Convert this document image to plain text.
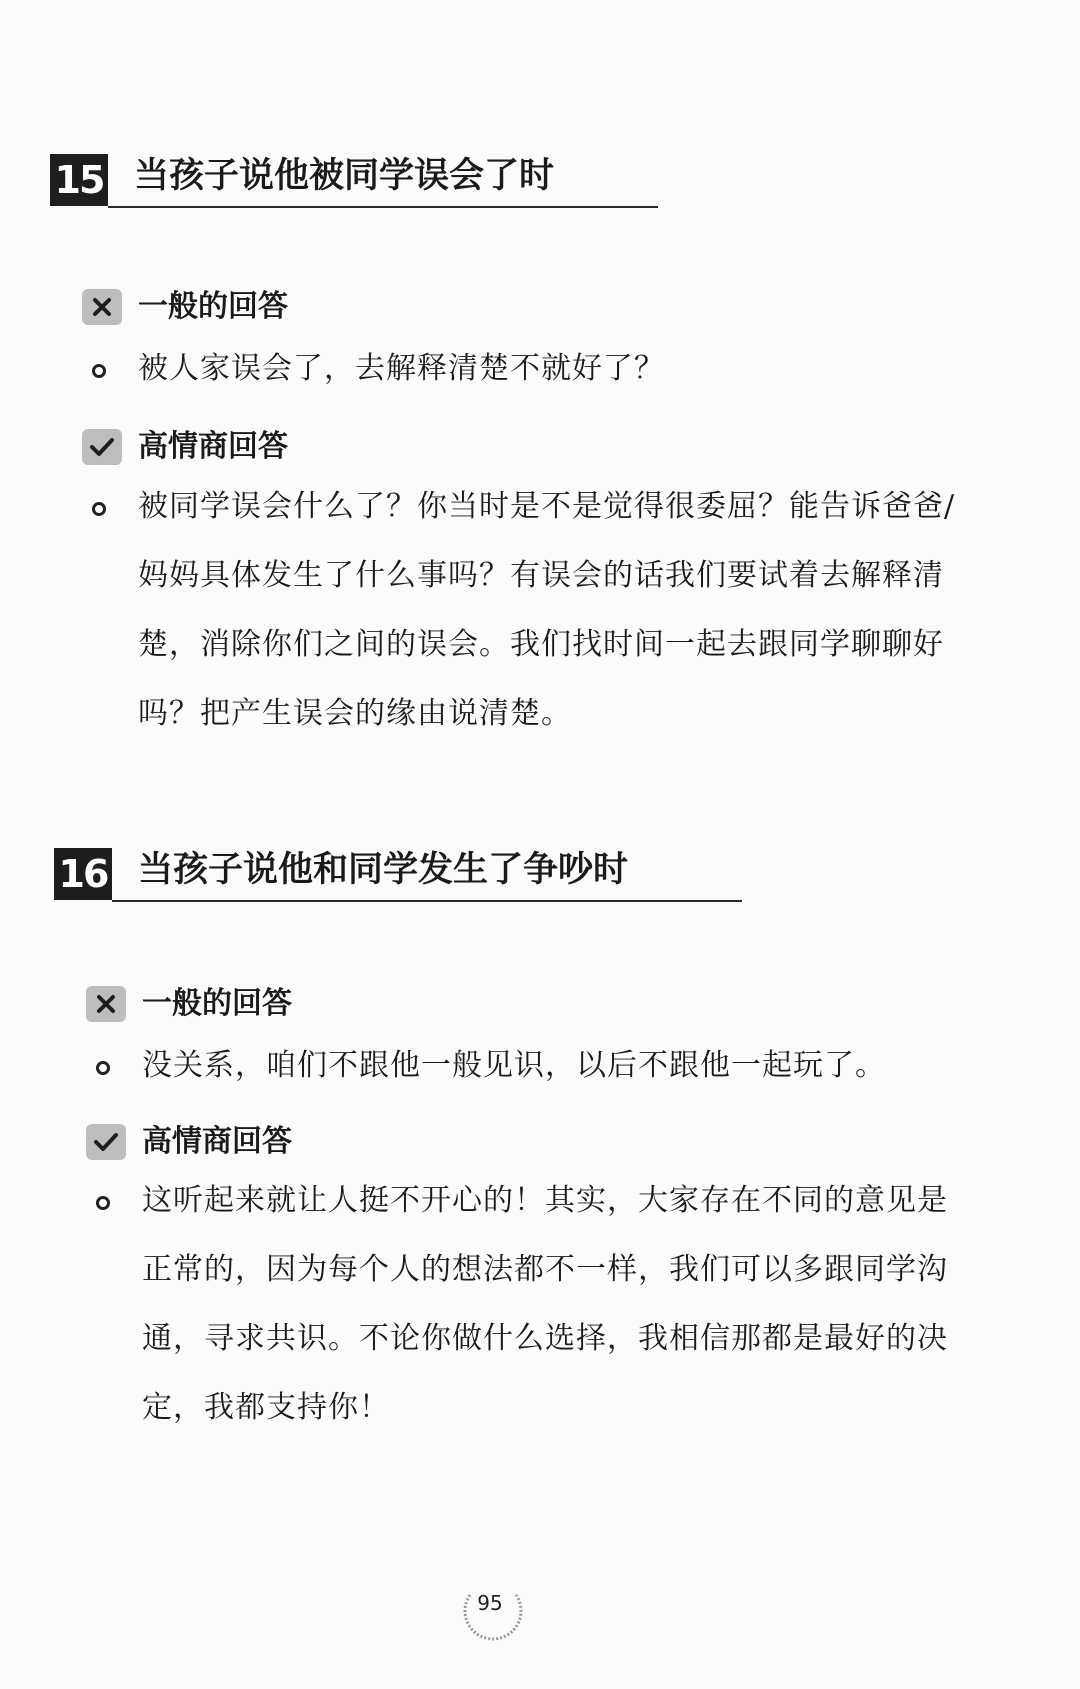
15 当孩子说他被同学误会了时
一般的回答
被人家误会了，去解释清楚不就好了？
高情商回答
被同学误会什么了？你当时是不是觉得很委屈？能告诉爸爸/妈妈具体发生了什么事吗？有误会的话我们要试着去解释清楚，消除你们之间的误会。我们找时间一起去跟同学聊聊好吗？把产生误会的缘由说清楚。
16 当孩子说他和同学发生了争吵时
一般的回答
没关系，咱们不跟他一般见识，以后不跟他一起玩了。
高情商回答
这听起来就让人挺不开心的！其实，大家存在不同的意见是正常的，因为每个人的想法都不一样，我们可以多跟同学沟通，寻求共识。不论你做什么选择，我相信那都是最好的决定，我都支持你！
95
